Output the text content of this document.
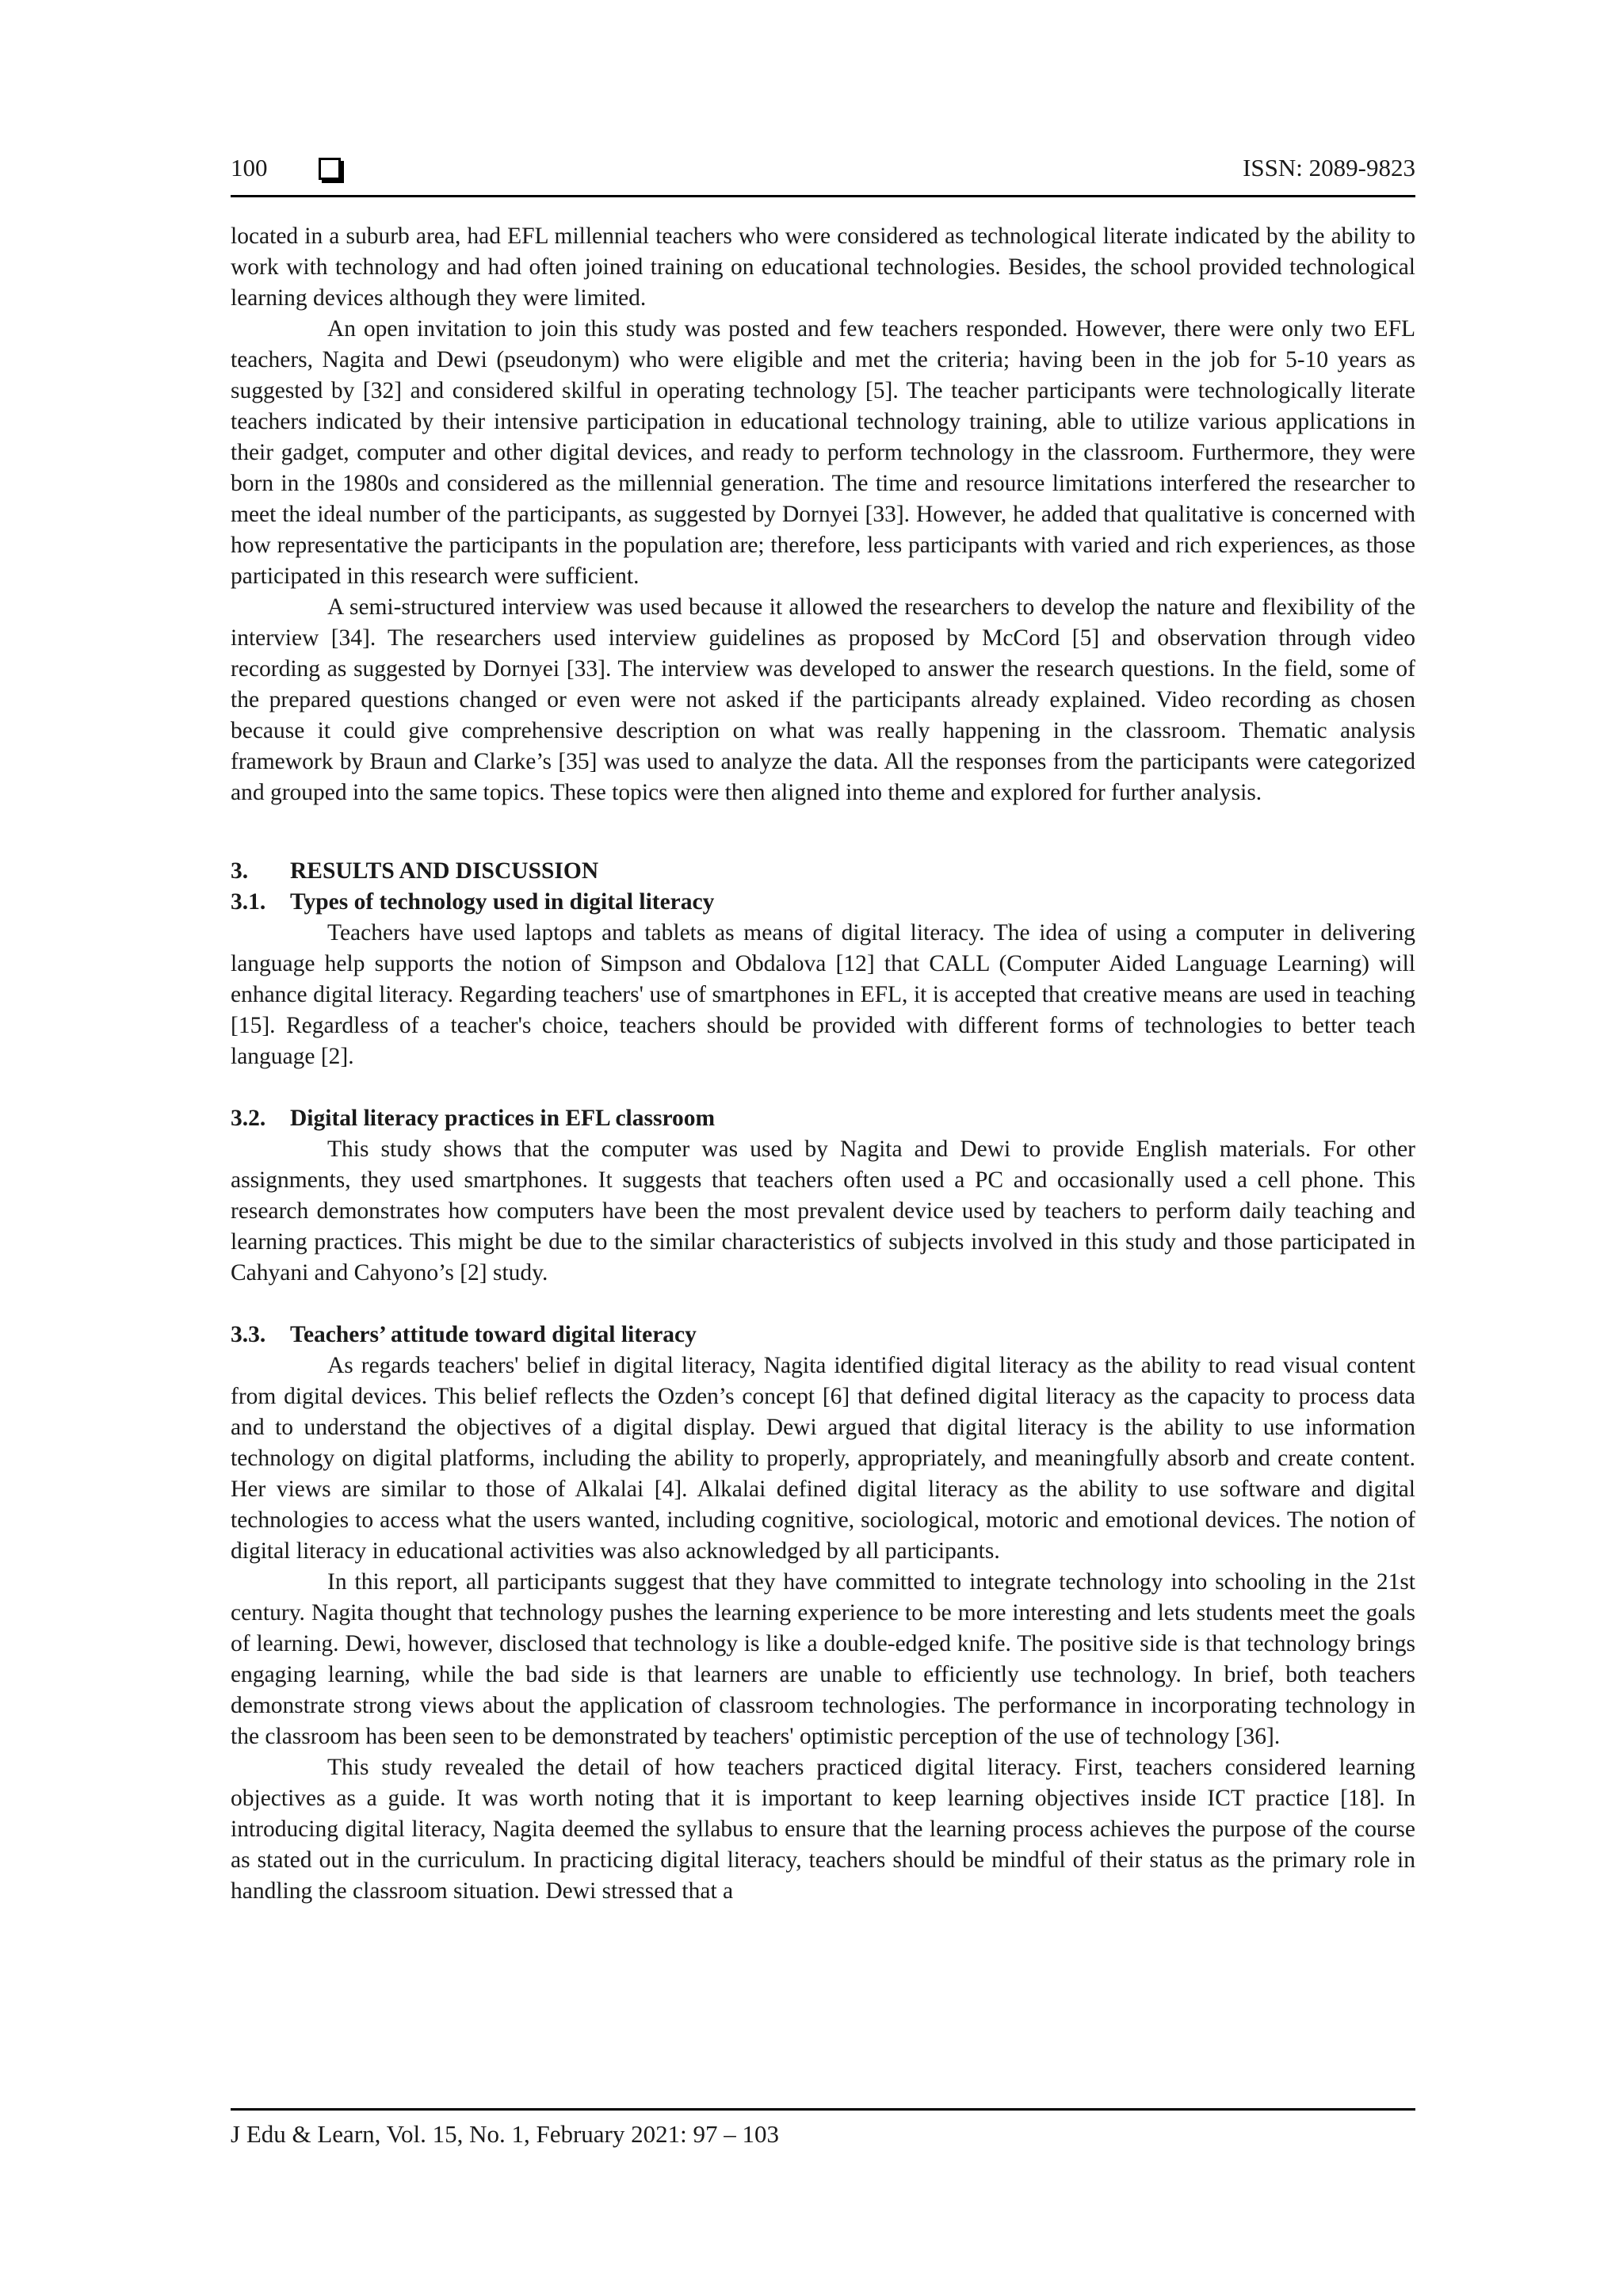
100	ISSN: 2089-9823

located in a suburb area, had EFL millennial teachers who were considered as technological literate indicated by the ability to work with technology and had often joined training on educational technologies. Besides, the school provided technological learning devices although they were limited.

An open invitation to join this study was posted and few teachers responded. However, there were only two EFL teachers, Nagita and Dewi (pseudonym) who were eligible and met the criteria; having been in the job for 5-10 years as suggested by [32] and considered skilful in operating technology [5]. The teacher participants were technologically literate teachers indicated by their intensive participation in educational technology training, able to utilize various applications in their gadget, computer and other digital devices, and ready to perform technology in the classroom. Furthermore, they were born in the 1980s and considered as the millennial generation. The time and resource limitations interfered the researcher to meet the ideal number of the participants, as suggested by Dornyei [33]. However, he added that qualitative is concerned with how representative the participants in the population are; therefore, less participants with varied and rich experiences, as those participated in this research were sufficient.

A semi-structured interview was used because it allowed the researchers to develop the nature and flexibility of the interview [34]. The researchers used interview guidelines as proposed by McCord [5] and observation through video recording as suggested by Dornyei [33]. The interview was developed to answer the research questions. In the field, some of the prepared questions changed or even were not asked if the participants already explained. Video recording as chosen because it could give comprehensive description on what was really happening in the classroom. Thematic analysis framework by Braun and Clarke’s [35] was used to analyze the data. All the responses from the participants were categorized and grouped into the same topics. These topics were then aligned into theme and explored for further analysis.

3. RESULTS AND DISCUSSION
3.1. Types of technology used in digital literacy

Teachers have used laptops and tablets as means of digital literacy. The idea of using a computer in delivering language help supports the notion of Simpson and Obdalova [12] that CALL (Computer Aided Language Learning) will enhance digital literacy. Regarding teachers' use of smartphones in EFL, it is accepted that creative means are used in teaching [15]. Regardless of a teacher's choice, teachers should be provided with different forms of technologies to better teach language [2].

3.2. Digital literacy practices in EFL classroom

This study shows that the computer was used by Nagita and Dewi to provide English materials. For other assignments, they used smartphones. It suggests that teachers often used a PC and occasionally used a cell phone. This research demonstrates how computers have been the most prevalent device used by teachers to perform daily teaching and learning practices. This might be due to the similar characteristics of subjects involved in this study and those participated in Cahyani and Cahyono’s [2] study.

3.3. Teachers’ attitude toward digital literacy

As regards teachers' belief in digital literacy, Nagita identified digital literacy as the ability to read visual content from digital devices. This belief reflects the Ozden’s concept [6] that defined digital literacy as the capacity to process data and to understand the objectives of a digital display. Dewi argued that digital literacy is the ability to use information technology on digital platforms, including the ability to properly, appropriately, and meaningfully absorb and create content. Her views are similar to those of Alkalai [4]. Alkalai defined digital literacy as the ability to use software and digital technologies to access what the users wanted, including cognitive, sociological, motoric and emotional devices. The notion of digital literacy in educational activities was also acknowledged by all participants.

In this report, all participants suggest that they have committed to integrate technology into schooling in the 21st century. Nagita thought that technology pushes the learning experience to be more interesting and lets students meet the goals of learning. Dewi, however, disclosed that technology is like a double-edged knife. The positive side is that technology brings engaging learning, while the bad side is that learners are unable to efficiently use technology. In brief, both teachers demonstrate strong views about the application of classroom technologies. The performance in incorporating technology in the classroom has been seen to be demonstrated by teachers' optimistic perception of the use of technology [36].

This study revealed the detail of how teachers practiced digital literacy. First, teachers considered learning objectives as a guide. It was worth noting that it is important to keep learning objectives inside ICT practice [18]. In introducing digital literacy, Nagita deemed the syllabus to ensure that the learning process achieves the purpose of the course as stated out in the curriculum. In practicing digital literacy, teachers should be mindful of their status as the primary role in handling the classroom situation. Dewi stressed that a

J Edu & Learn, Vol. 15, No. 1, February 2021: 97 – 103
